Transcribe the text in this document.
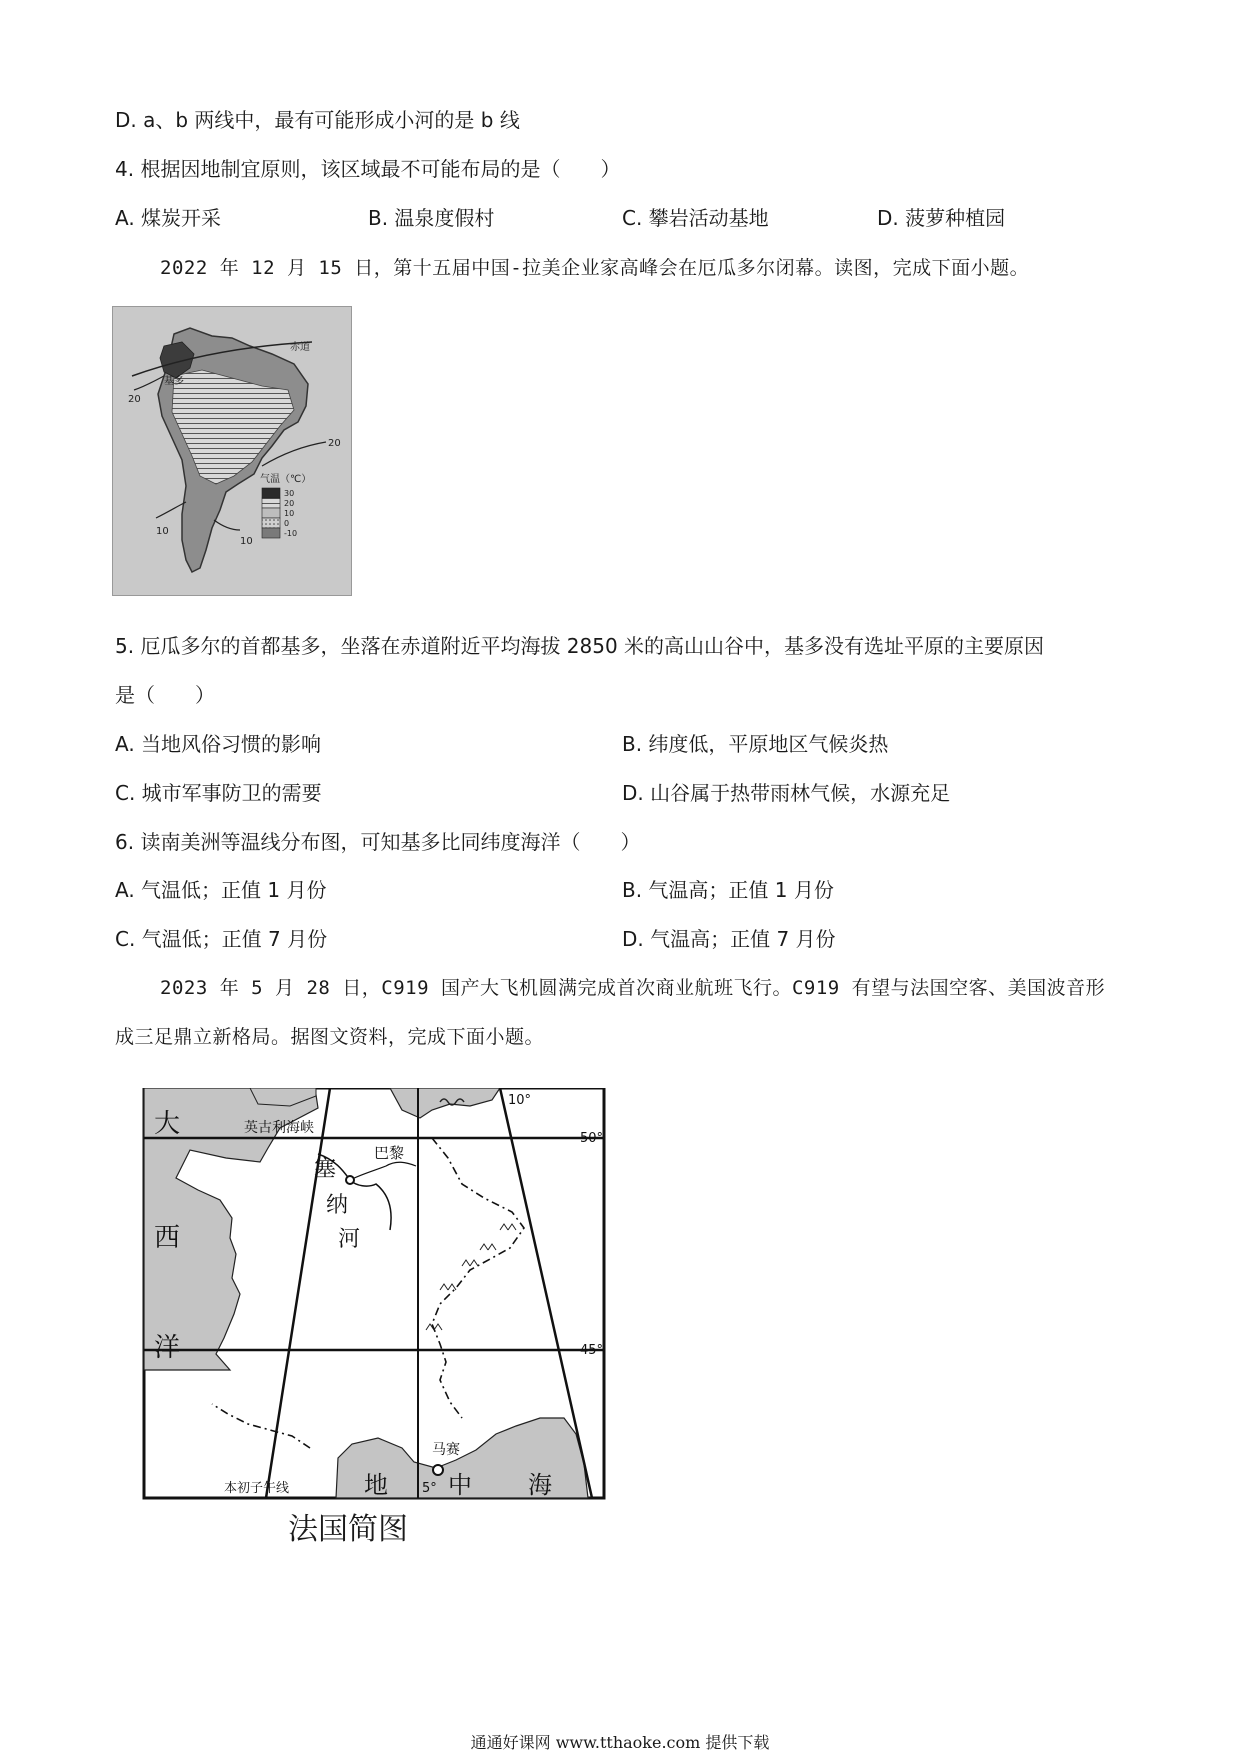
D. a、b 两线中，最有可能形成小河的是 b 线
4. 根据因地制宜原则，该区域最不可能布局的是（　　）
A. 煤炭开采	B. 温泉度假村	C. 攀岩活动基地	D. 菠萝种植园
2022 年 12 月 15 日，第十五届中国-拉美企业家高峰会在厄瓜多尔闭幕。读图，完成下面小题。
赤道
基多
20
20
10
10
气温（℃）
30
20
10
0
-10
5. 厄瓜多尔的首都基多，坐落在赤道附近平均海拔 2850 米的高山山谷中，基多没有选址平原的主要原因
是（　　）
A. 当地风俗习惯的影响	B. 纬度低，平原地区气候炎热
C. 城市军事防卫的需要	D. 山谷属于热带雨林气候，水源充足
6. 读南美洲等温线分布图，可知基多比同纬度海洋（　　）
A. 气温低；正值 1 月份	B. 气温高；正值 1 月份
C. 气温低；正值 7 月份	D. 气温高；正值 7 月份
2023 年 5 月 28 日，C919 国产大飞机圆满完成首次商业航班飞行。C919 有望与法国空客、美国波音形
成三足鼎立新格局。据图文资料，完成下面小题。
巴黎
马赛
英古利海峡
大
西
洋
塞
纳
河
地	中 海
本初子午线	5°
10°
50°
45°
法国简图
通通好课网 www.tthaoke.com 提供下载
